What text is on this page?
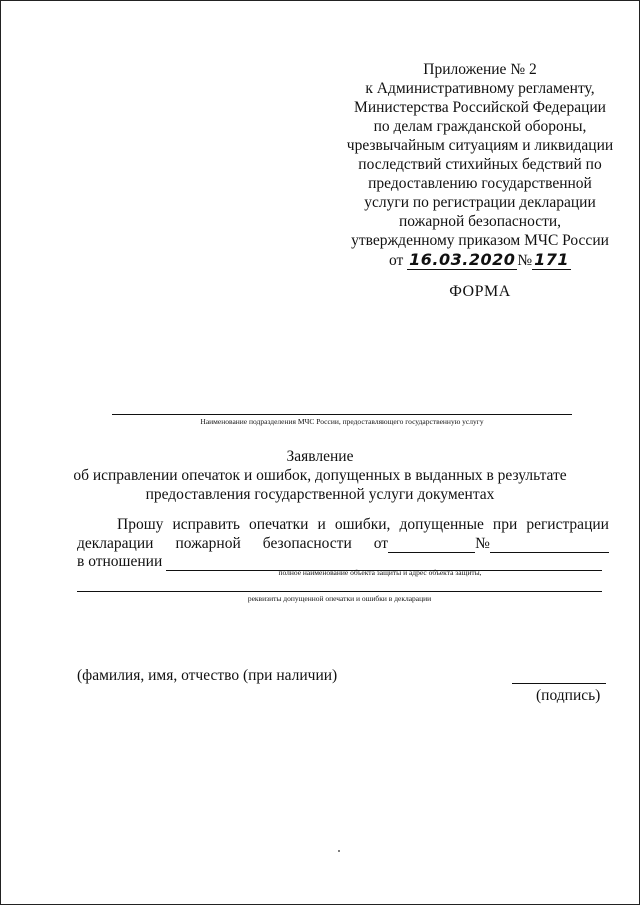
Приложение № 2
к Административному регламенту,
Министерства Российской Федерации
по делам гражданской обороны,
чрезвычайным ситуациям и ликвидации
последствий стихийных бедствий по
предоставлению государственной
услуги по регистрации декларации
пожарной безопасности,
утвержденному приказом МЧС России
от 16.03.2020 № 171
ФОРМА
Наименование подразделения МЧС России, предоставляющего государственную услугу
Заявление
об исправлении опечаток и ошибок, допущенных в выданных в результате
предоставления государственной услуги документах
Прошу исправить опечатки и ошибки, допущенные при регистрации
декларации пожарной безопасности от	№
в отношении
полное наименование объекта защиты и адрес объекта защиты,
реквизиты допущенной опечатки и ошибки в декларации
(фамилия, имя, отчество (при наличии)
(подпись)
